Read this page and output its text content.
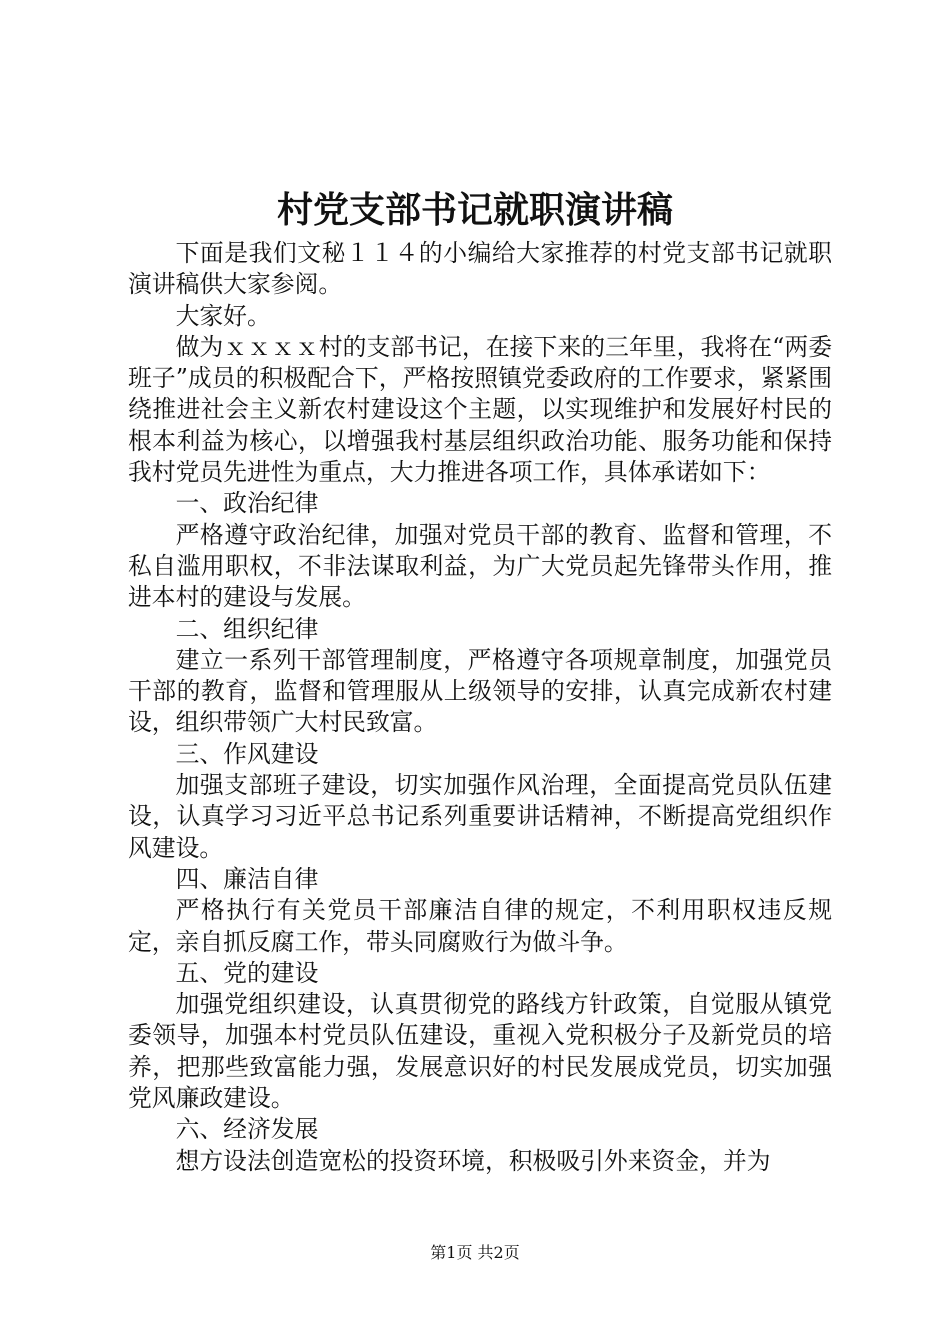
村党支部书记就职演讲稿

下面是我们文秘１１４的小编给大家推荐的村党支部书记就职演讲稿供大家参阅。

大家好。

做为ｘｘｘｘ村的支部书记，在接下来的三年里，我将在“两委班子”成员的积极配合下，严格按照镇党委政府的工作要求，紧紧围绕推进社会主义新农村建设这个主题，以实现维护和发展好村民的根本利益为核心，以增强我村基层组织政治功能、服务功能和保持我村党员先进性为重点，大力推进各项工作，具体承诺如下：

一、政治纪律

严格遵守政治纪律，加强对党员干部的教育、监督和管理，不私自滥用职权，不非法谋取利益，为广大党员起先锋带头作用，推进本村的建设与发展。

二、组织纪律

建立一系列干部管理制度，严格遵守各项规章制度，加强党员干部的教育，监督和管理服从上级领导的安排，认真完成新农村建设，组织带领广大村民致富。

三、作风建设

加强支部班子建设，切实加强作风治理，全面提高党员队伍建设，认真学习习近平总书记系列重要讲话精神，不断提高党组织作风建设。

四、廉洁自律

严格执行有关党员干部廉洁自律的规定，不利用职权违反规定，亲自抓反腐工作，带头同腐败行为做斗争。

五、党的建设

加强党组织建设，认真贯彻党的路线方针政策，自觉服从镇党委领导，加强本村党员队伍建设，重视入党积极分子及新党员的培养，把那些致富能力强，发展意识好的村民发展成党员，切实加强党风廉政建设。

六、经济发展

想方设法创造宽松的投资环境，积极吸引外来资金，并为

第1页 共2页
